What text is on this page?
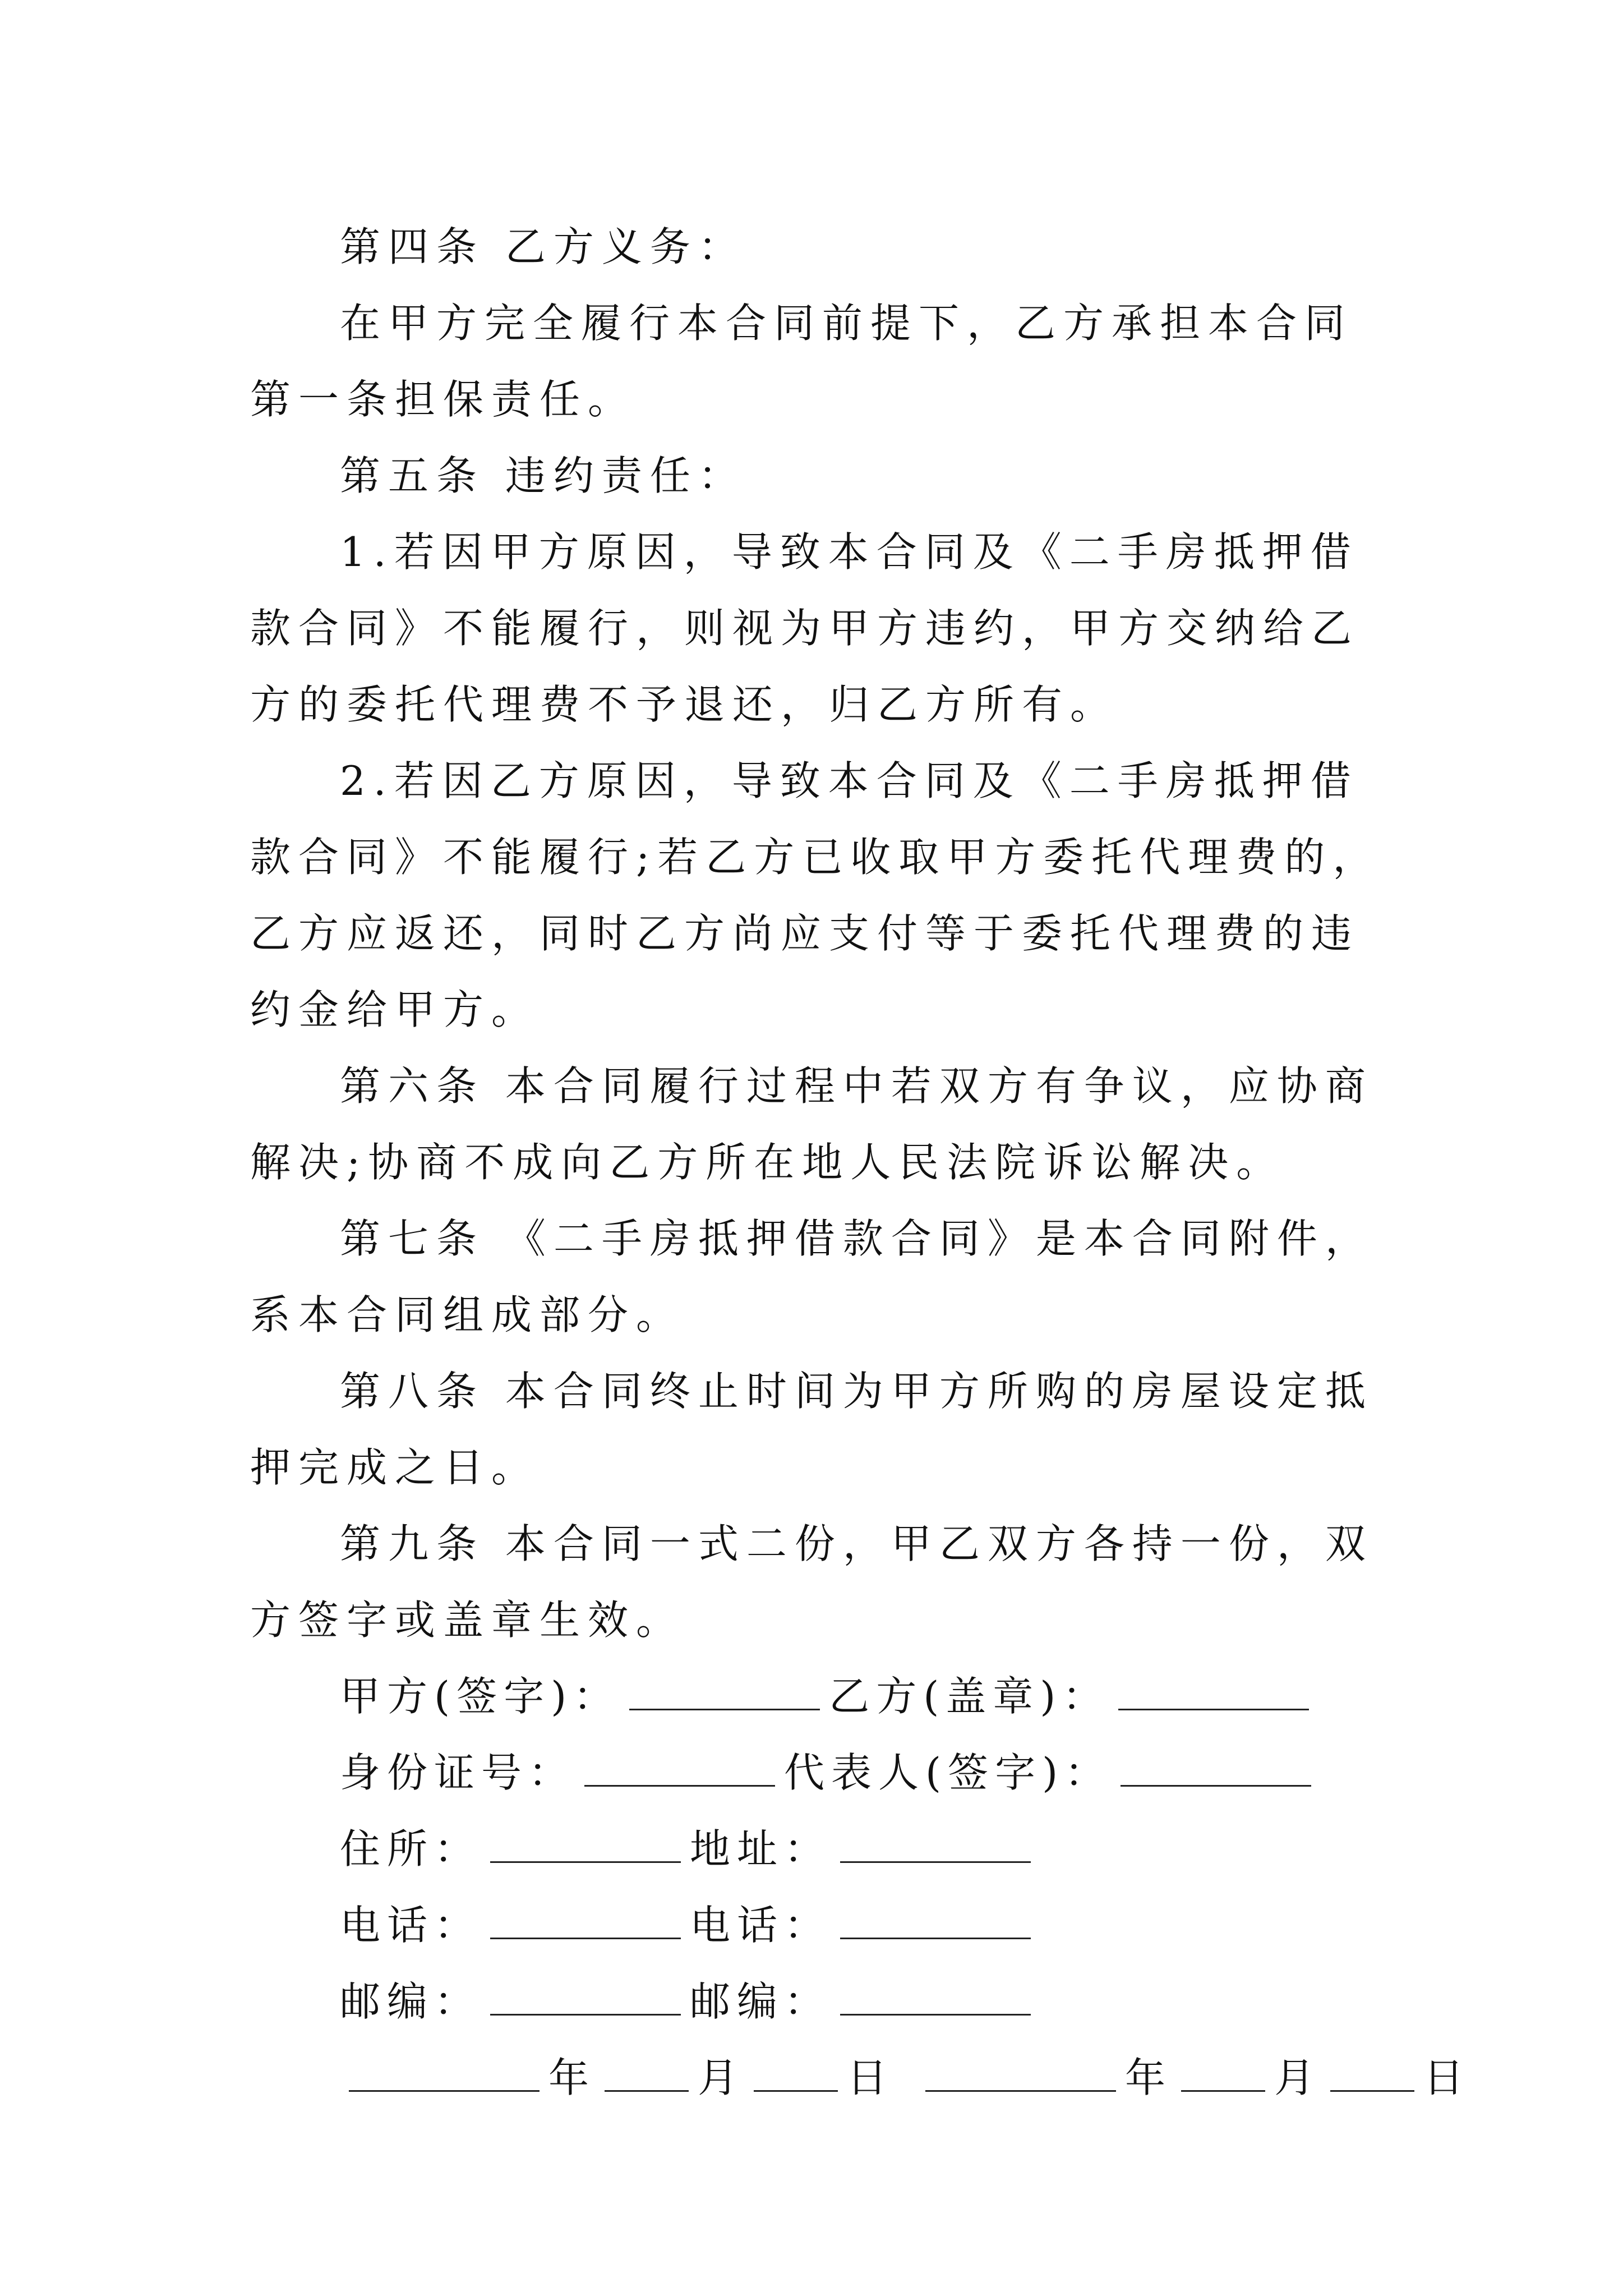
第四条 乙方义务：

在甲方完全履行本合同前提下，乙方承担本合同第一条担保责任。

第五条 违约责任：

1.若因甲方原因，导致本合同及《二手房抵押借款合同》不能履行，则视为甲方违约，甲方交纳给乙方的委托代理费不予退还，归乙方所有。

2.若因乙方原因，导致本合同及《二手房抵押借款合同》不能履行;若乙方已收取甲方委托代理费的，乙方应返还，同时乙方尚应支付等于委托代理费的违约金给甲方。

第六条 本合同履行过程中若双方有争议，应协商解决;协商不成向乙方所在地人民法院诉讼解决。

第七条 《二手房抵押借款合同》是本合同附件，系本合同组成部分。

第八条 本合同终止时间为甲方所购的房屋设定抵押完成之日。

第九条 本合同一式二份，甲乙双方各持一份，双方签字或盖章生效。

甲方(签字)：	乙方(盖章)：
身份证号：	代表人(签字)：
住所：	地址：
电话：	电话：
邮编：	邮编：
年	月	日	年	月	日
